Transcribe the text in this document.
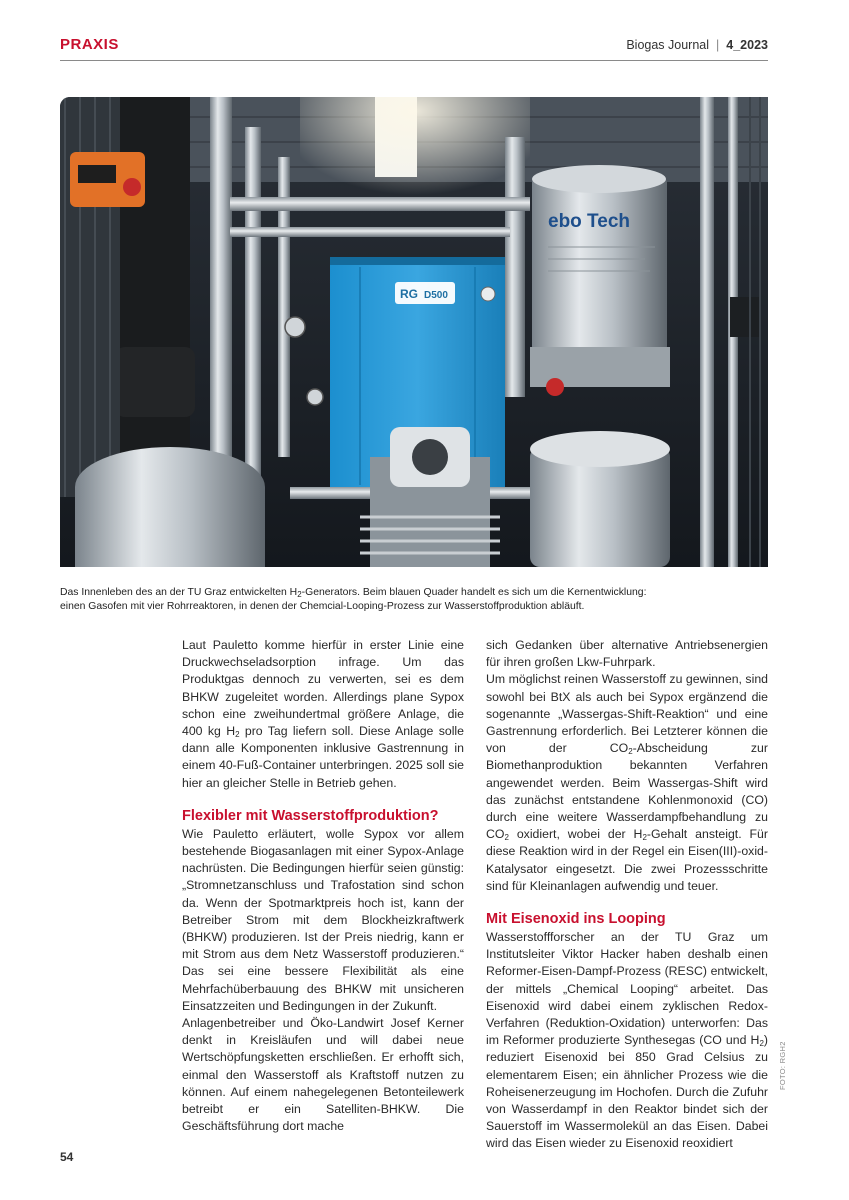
PRAXIS	Biogas Journal | 4_2023
RG D500
ebo Tech

Das Innenleben des an der TU Graz entwickelten $H_2$-Generators. Beim blauen Quader handelt es sich um die Kernentwicklung:

einen Gasofen mit vier Rohrreaktoren, in denen der Chemcial-Looping-Prozess zur Wasserstoffproduktion abläuft.

Laut Pauletto komme hierfür in erster Linie eine Druckwechseladsorption infrage. Um das Produktgas dennoch zu verwerten, sei es dem BHKW zugeleitet worden. Allerdings plane Sypox schon eine zweihundertmal größere Anlage, die 400 kg $H_2$ pro Tag liefern soll. Diese Anlage solle dann alle Komponenten inklusive Gastrennung in einem 40-Fuß-Container unterbringen. 2025 soll sie hier an gleicher Stelle in Betrieb gehen.

Flexibler mit Wasserstoffproduktion?

Wie Pauletto erläutert, wolle Sypox vor allem bestehende Biogasanlagen mit einer Sypox-Anlage nachrüsten. Die Bedingungen hierfür seien günstig: „Stromnetzanschluss und Trafostation sind schon da. Wenn der Spotmarktpreis hoch ist, kann der Betreiber Strom mit dem Blockheizkraftwerk (BHKW) produzieren. Ist der Preis niedrig, kann er mit Strom aus dem Netz Wasserstoff produzieren.“ Das sei eine bessere Flexibilität als eine Mehrfachüberbauung des BHKW mit unsicheren Einsatzzeiten und Bedingungen in der Zukunft.

Anlagenbetreiber und Öko-Landwirt Josef Kerner denkt in Kreisläufen und will dabei neue Wertschöpfungsketten erschließen. Er erhofft sich, einmal den Wasserstoff als Kraftstoff nutzen zu können. Auf einem nahegelegenen Betonteilewerk betreibt er ein Satelliten-BHKW. Die Geschäftsführung dort mache

sich Gedanken über alternative Antriebsenergien für ihren großen Lkw-Fuhrpark.

Um möglichst reinen Wasserstoff zu gewinnen, sind sowohl bei BtX als auch bei Sypox ergänzend die sogenannte „Wassergas-Shift-Reaktion“ und eine Gastrennung erforderlich. Bei Letzterer können die von der $CO_2$-Abscheidung zur Biomethanproduktion bekannten Verfahren angewendet werden. Beim Wassergas-Shift wird das zunächst entstandene Kohlenmonoxid (CO) durch eine weitere Wasserdampfbehandlung zu $CO_2$ oxidiert, wobei der $H_2$-Gehalt ansteigt. Für diese Reaktion wird in der Regel ein Eisen(III)-oxid-Katalysator eingesetzt. Die zwei Prozessschritte sind für Kleinanlagen aufwendig und teuer.

Mit Eisenoxid ins Looping

Wasserstoffforscher an der TU Graz um Institutsleiter Viktor Hacker haben deshalb einen Reformer-Eisen-Dampf-Prozess (RESC) entwickelt, der mittels „Chemical Looping“ arbeitet. Das Eisenoxid wird dabei einem zyklischen Redox-Verfahren (Reduktion-Oxidation) unterworfen: Das im Reformer produzierte Synthesegas (CO und $H_2$) reduziert Eisenoxid bei 850 Grad Celsius zu elementarem Eisen; ein ähnlicher Prozess wie die Roheisenerzeugung im Hochofen. Durch die Zufuhr von Wasserdampf in den Reaktor bindet sich der Sauerstoff im Wassermolekül an das Eisen. Dabei wird das Eisen wieder zu Eisenoxid reoxidiert

FOTO: RGH2
54
